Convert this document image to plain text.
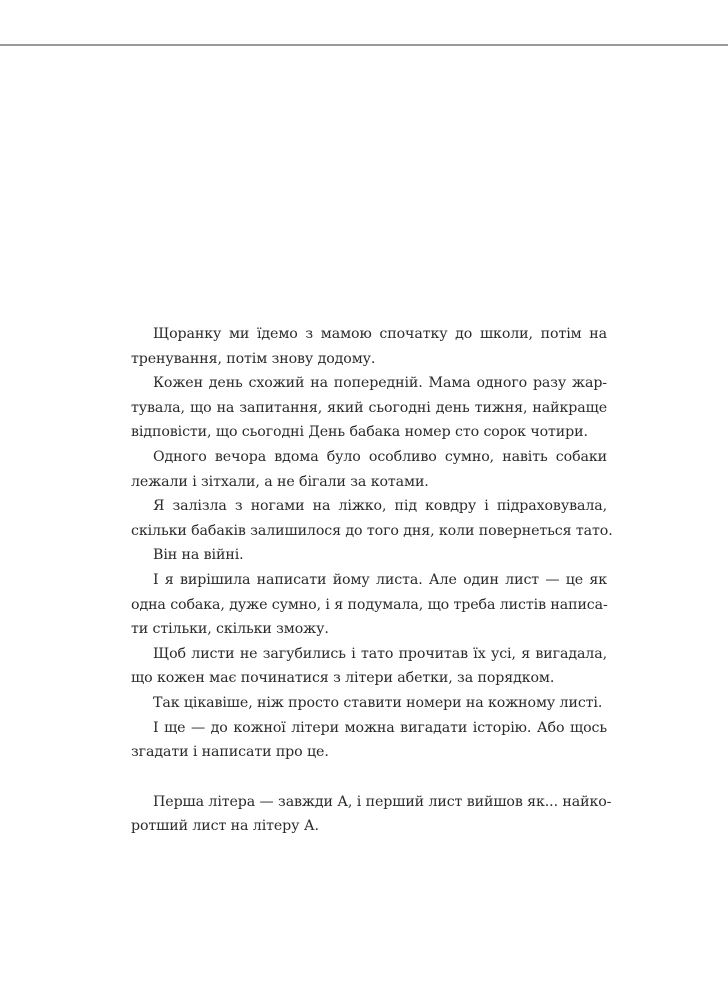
Щоранку ми їдемо з мамою спочатку до школи, потім на
тренування, потім знову додому.
Кожен день схожий на попередній. Мама одного разу жар-
тувала, що на запитання, який сьогодні день тижня, найкраще
відповісти, що сьогодні День бабака номер сто сорок чотири.
Одного вечора вдома було особливо сумно, навіть собаки
лежали і зітхали, а не бігали за котами.
Я залізла з ногами на ліжко, під ковдру і підраховувала,
скільки бабаків залишилося до того дня, коли повернеться тато.
Він на війні.
І я вирішила написати йому листа. Але один лист — це як
одна собака, дуже сумно, і я подумала, що треба листів написа-
ти стільки, скільки зможу.
Щоб листи не загубились і тато прочитав їх усі, я вигадала,
що кожен має починатися з літери абетки, за порядком.
Так цікавіше, ніж просто ставити номери на кожному листі.
І ще — до кожної літери можна вигадати історію. Або щось
згадати і написати про це.
Перша літера — завжди А, і перший лист вийшов як... найко-
ротший лист на літеру А.
